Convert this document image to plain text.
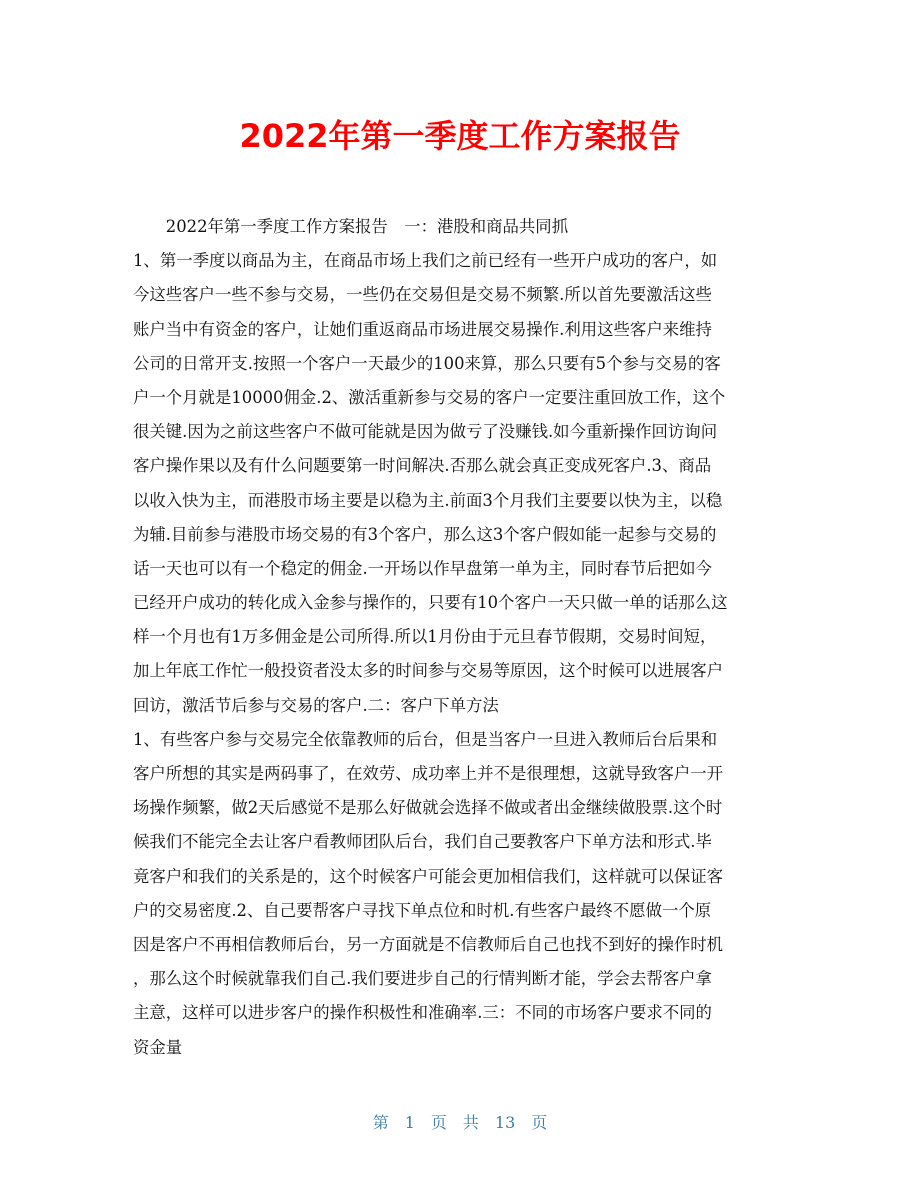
2022年第一季度工作方案报告
　　2022年第一季度工作方案报告　一：港股和商品共同抓
1、第一季度以商品为主，在商品市场上我们之前已经有一些开户成功的客户，如
今这些客户一些不参与交易，一些仍在交易但是交易不频繁.所以首先要激活这些
账户当中有资金的客户，让她们重返商品市场进展交易操作.利用这些客户来维持
公司的日常开支.按照一个客户一天最少的100来算，那么只要有5个参与交易的客
户一个月就是10000佣金.2、激活重新参与交易的客户一定要注重回放工作，这个
很关键.因为之前这些客户不做可能就是因为做亏了没赚钱.如今重新操作回访询问
客户操作果以及有什么问题要第一时间解决.否那么就会真正变成死客户.3、商品
以收入快为主，而港股市场主要是以稳为主.前面3个月我们主要要以快为主，以稳
为辅.目前参与港股市场交易的有3个客户，那么这3个客户假如能一起参与交易的
话一天也可以有一个稳定的佣金.一开场以作早盘第一单为主，同时春节后把如今
已经开户成功的转化成入金参与操作的，只要有10个客户一天只做一单的话那么这
样一个月也有1万多佣金是公司所得.所以1月份由于元旦春节假期，交易时间短，
加上年底工作忙一般投资者没太多的时间参与交易等原因，这个时候可以进展客户
回访，激活节后参与交易的客户.二：客户下单方法
1、有些客户参与交易完全依靠教师的后台，但是当客户一旦进入教师后台后果和
客户所想的其实是两码事了，在效劳、成功率上并不是很理想，这就导致客户一开
场操作频繁，做2天后感觉不是那么好做就会选择不做或者出金继续做股票.这个时
候我们不能完全去让客户看教师团队后台，我们自己要教客户下单方法和形式.毕
竟客户和我们的关系是的，这个时候客户可能会更加相信我们，这样就可以保证客
户的交易密度.2、自己要帮客户寻找下单点位和时机.有些客户最终不愿做一个原
因是客户不再相信教师后台，另一方面就是不信教师后自己也找不到好的操作时机
，那么这个时候就靠我们自己.我们要进步自己的行情判断才能，学会去帮客户拿
主意，这样可以进步客户的操作积极性和准确率.三：不同的市场客户要求不同的
资金量
第　1　页　共　13　页
